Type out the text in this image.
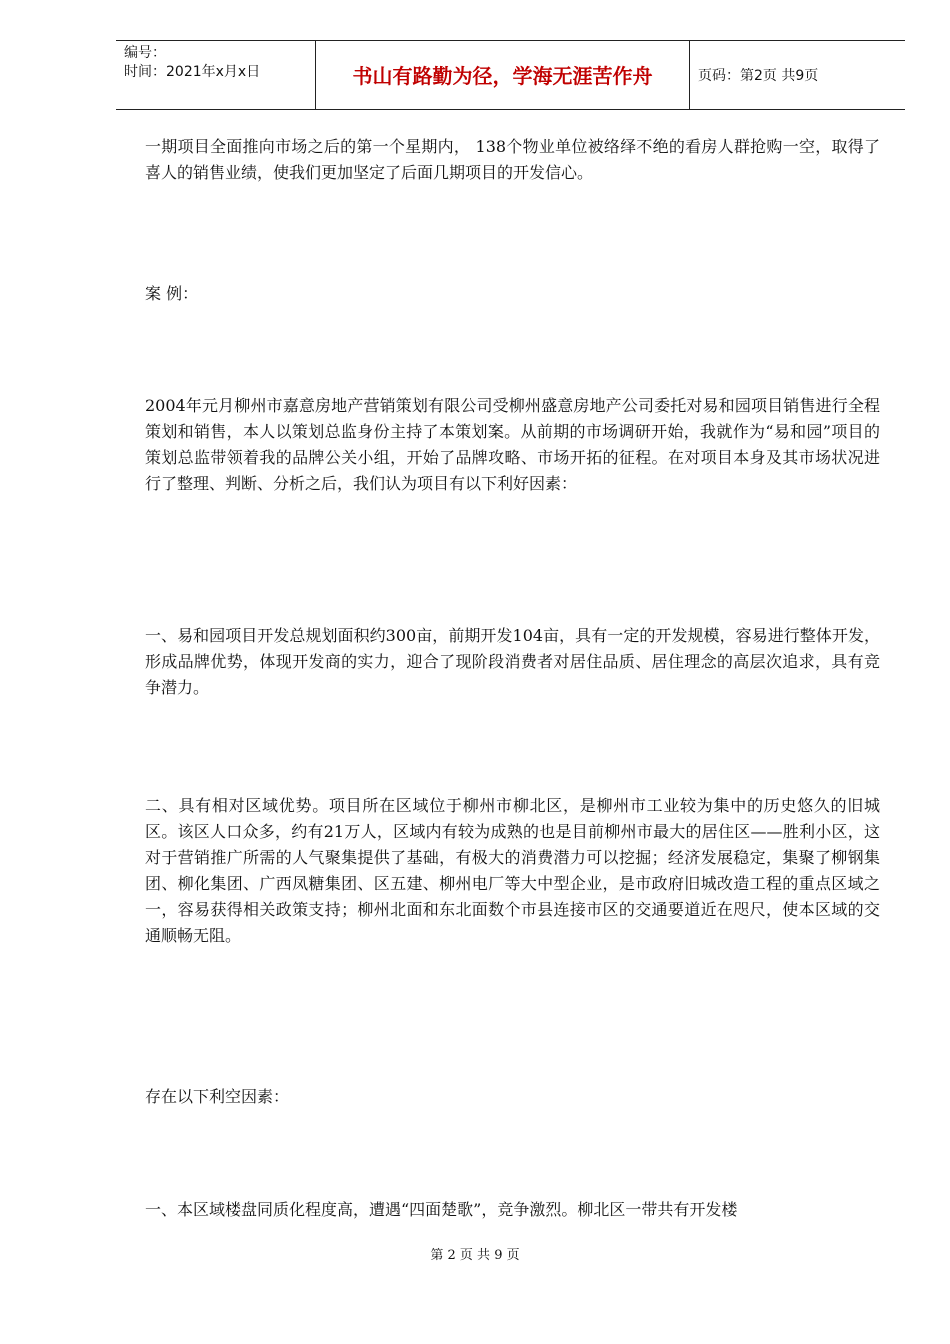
编号：
时间：2021年x月x日	书山有路勤为径，学海无涯苦作舟	页码：第2页 共9页

一期项目全面推向市场之后的第一个星期内， 138个物业单位被络绎不绝的看房人群抢购一空，取得了喜人的销售业绩，使我们更加坚定了后面几期项目的开发信心。

案 例：

2004年元月柳州市嘉意房地产营销策划有限公司受柳州盛意房地产公司委托对易和园项目销售进行全程策划和销售，本人以策划总监身份主持了本策划案。从前期的市场调研开始，我就作为“易和园”项目的策划总监带领着我的品牌公关小组，开始了品牌攻略、市场开拓的征程。在对项目本身及其市场状况进行了整理、判断、分析之后，我们认为项目有以下利好因素：

一、易和园项目开发总规划面积约300亩，前期开发104亩，具有一定的开发规模，容易进行整体开发，形成品牌优势，体现开发商的实力，迎合了现阶段消费者对居住品质、居住理念的高层次追求，具有竞争潜力。

二、具有相对区域优势。项目所在区域位于柳州市柳北区，是柳州市工业较为集中的历史悠久的旧城区。该区人口众多，约有21万人，区域内有较为成熟的也是目前柳州市最大的居住区——胜利小区，这对于营销推广所需的人气聚集提供了基础，有极大的消费潜力可以挖掘；经济发展稳定，集聚了柳钢集团、柳化集团、广西凤糖集团、区五建、柳州电厂等大中型企业，是市政府旧城改造工程的重点区域之一，容易获得相关政策支持；柳州北面和东北面数个市县连接市区的交通要道近在咫尺，使本区域的交通顺畅无阻。

存在以下利空因素：

一、本区域楼盘同质化程度高，遭遇“四面楚歌”，竞争激烈。柳北区一带共有开发楼

第 2 页 共 9 页
